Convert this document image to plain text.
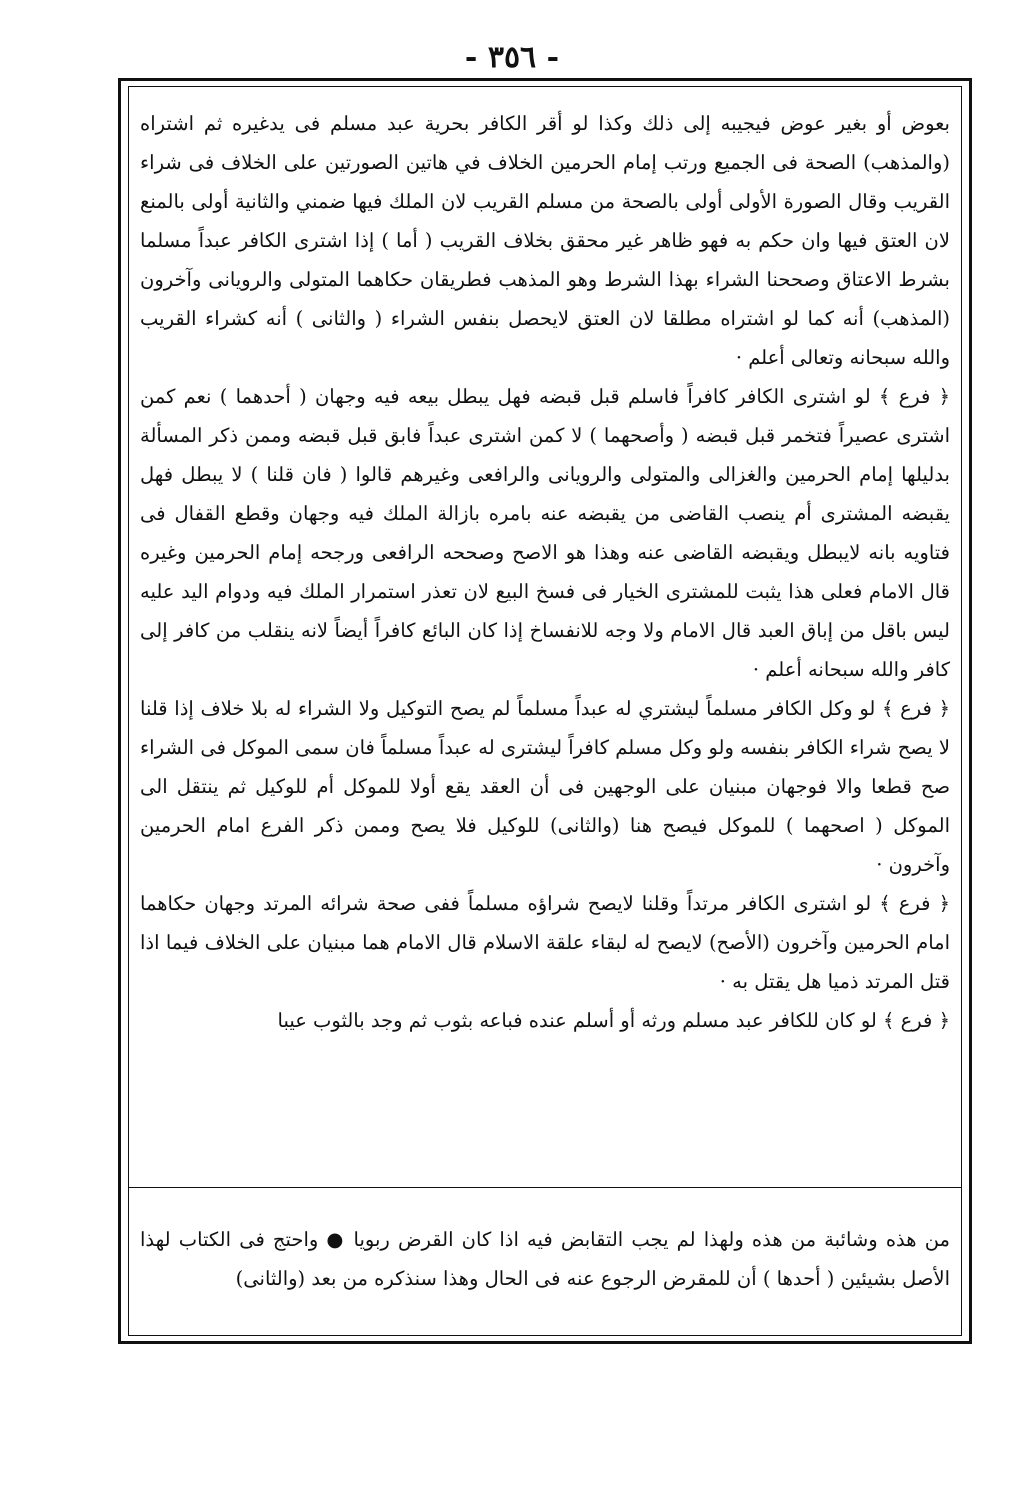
- ٣٥٦ -

بعوض أو بغير عوض فيجيبه إلى ذلك وكذا لو أقر الكافر بحرية عبد مسلم فى يدغيره ثم اشتراه (والمذهب) الصحة فى الجميع ورتب إمام الحرمين الخلاف في هاتين الصورتين على الخلاف فى شراء القريب وقال الصورة الأولى أولى بالصحة من مسلم القريب لان الملك فيها ضمني والثانية أولى بالمنع لان العتق فيها وان حكم به فهو ظاهر غير محقق بخلاف القريب ( أما ) إذا اشترى الكافر عبداً مسلما بشرط الاعتاق وصححنا الشراء بهذا الشرط وهو المذهب فطريقان حكاهما المتولى والرويانى وآخرون (المذهب) أنه كما لو اشتراه مطلقا لان العتق لايحصل بنفس الشراء ( والثانى ) أنه كشراء القريب والله سبحانه وتعالى أعلم ·

﴿ فرع ﴾ لو اشترى الكافر كافراً فاسلم قبل قبضه فهل يبطل بيعه فيه وجهان ( أحدهما ) نعم كمن اشترى عصيراً فتخمر قبل قبضه ( وأصحهما ) لا كمن اشترى عبداً فابق قبل قبضه وممن ذكر المسألة بدليلها إمام الحرمين والغزالى والمتولى والرويانى والرافعى وغيرهم قالوا ( فان قلنا ) لا يبطل فهل يقبضه المشترى أم ينصب القاضى من يقبضه عنه بامره بازالة الملك فيه وجهان وقطع القفال فى فتاويه بانه لايبطل ويقبضه القاضى عنه وهذا هو الاصح وصححه الرافعى ورجحه إمام الحرمين وغيره قال الامام فعلى هذا يثبت للمشترى الخيار فى فسخ البيع لان تعذر استمرار الملك فيه ودوام اليد عليه ليس باقل من إباق العبد قال الامام ولا وجه للانفساخ إذا كان البائع كافراً أيضاً لانه ينقلب من كافر إلى كافر والله سبحانه أعلم ·

﴿ فرع ﴾ لو وكل الكافر مسلماً ليشتري له عبداً مسلماً لم يصح التوكيل ولا الشراء له بلا خلاف إذا قلنا لا يصح شراء الكافر بنفسه ولو وكل مسلم كافراً ليشترى له عبداً مسلماً فان سمى الموكل فى الشراء صح قطعا والا فوجهان مبنيان على الوجهين فى أن العقد يقع أولا للموكل أم للوكيل ثم ينتقل الى الموكل ( اصحهما ) للموكل فيصح هنا (والثانى) للوكيل فلا يصح وممن ذكر الفرع امام الحرمين وآخرون ·

﴿ فرع ﴾ لو اشترى الكافر مرتداً وقلنا لايصح شراؤه مسلماً ففى صحة شرائه المرتد وجهان حكاهما امام الحرمين وآخرون (الأصح) لايصح له لبقاء علقة الاسلام قال الامام هما مبنيان على الخلاف فيما اذا قتل المرتد ذميا هل يقتل به ·

﴿ فرع ﴾ لو كان للكافر عبد مسلم ورثه أو أسلم عنده فباعه بثوب ثم وجد بالثوب عيبا

من هذه وشائبة من هذه ولهذا لم يجب التقابض فيه اذا كان القرض ربويا ● واحتج فى الكتاب لهذا الأصل بشيئين ( أحدها ) أن للمقرض الرجوع عنه فى الحال وهذا سنذكره من بعد (والثانى)
